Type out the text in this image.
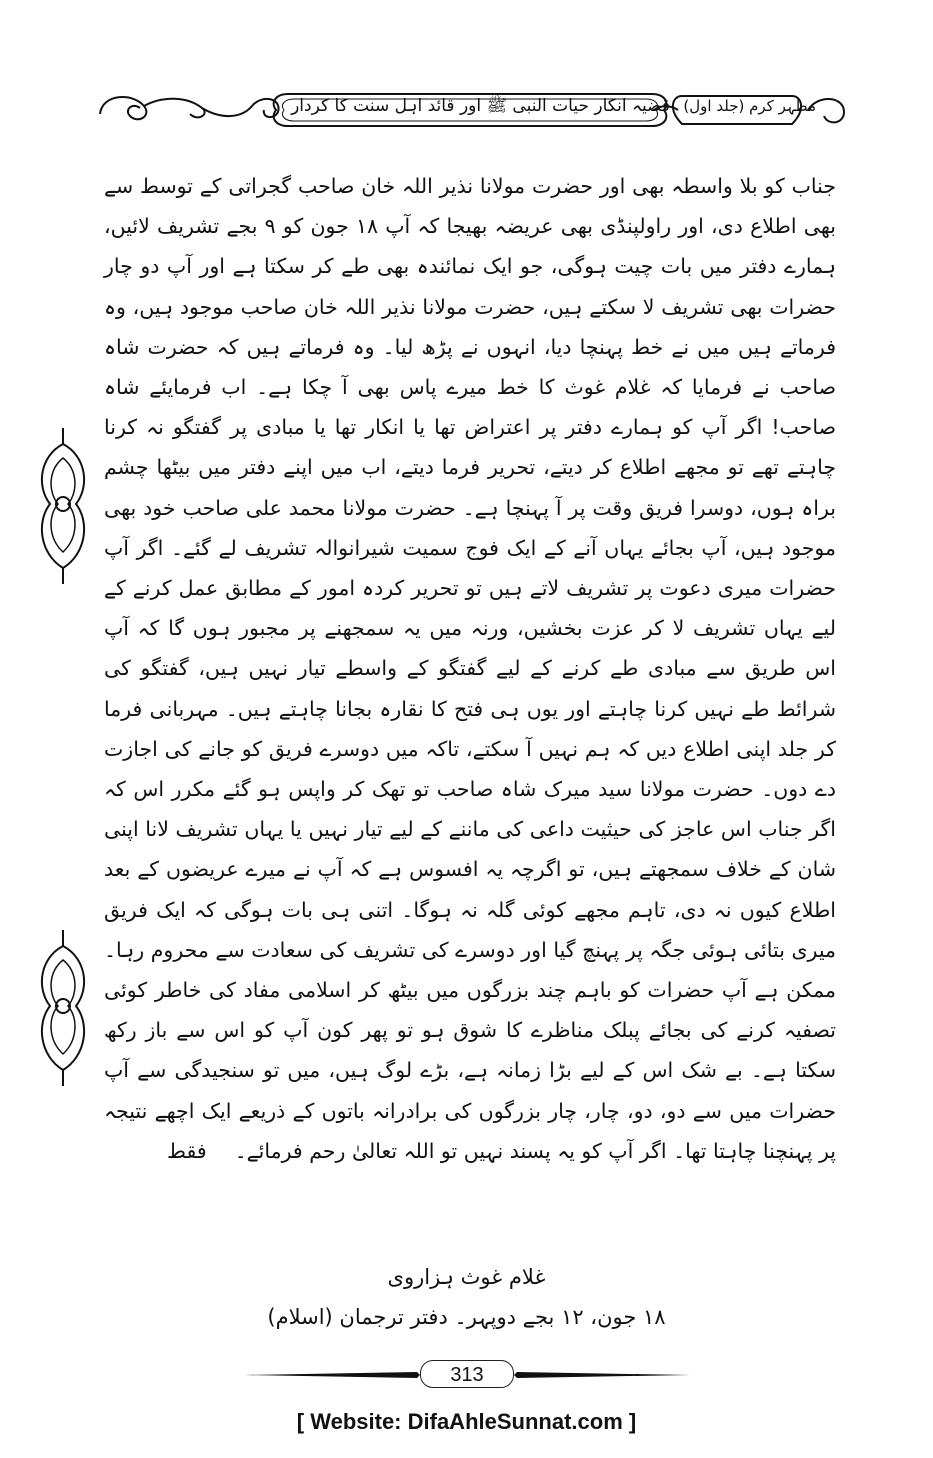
قضیہ انکار حیات النبی ﷺ اور قائد اہل سنت کا کردار	مظہر کرم (جلد اول)

جناب کو بلا واسطہ بھی اور حضرت مولانا نذیر اللہ خان صاحب گجراتی کے توسط سے بھی اطلاع دی، اور راولپنڈی بھی عریضہ بھیجا کہ آپ ۱۸ جون کو ۹ بجے تشریف لائیں، ہمارے دفتر میں بات چیت ہوگی، جو ایک نمائندہ بھی طے کر سکتا ہے اور آپ دو چار حضرات بھی تشریف لا سکتے ہیں، حضرت مولانا نذیر اللہ خان صاحب موجود ہیں، وہ فرماتے ہیں میں نے خط پہنچا دیا، انہوں نے پڑھ لیا۔ وہ فرماتے ہیں کہ حضرت شاہ صاحب نے فرمایا کہ غلام غوث کا خط میرے پاس بھی آ چکا ہے۔ اب فرمایئے شاہ صاحب! اگر آپ کو ہمارے دفتر پر اعتراض تھا یا انکار تھا یا مبادی پر گفتگو نہ کرنا چاہتے تھے تو مجھے اطلاع کر دیتے، تحریر فرما دیتے، اب میں اپنے دفتر میں بیٹھا چشم براہ ہوں، دوسرا فریق وقت پر آ پہنچا ہے۔ حضرت مولانا محمد علی صاحب خود بھی موجود ہیں، آپ بجائے یہاں آنے کے ایک فوج سمیت شیرانوالہ تشریف لے گئے۔ اگر آپ حضرات میری دعوت پر تشریف لاتے ہیں تو تحریر کردہ امور کے مطابق عمل کرنے کے لیے یہاں تشریف لا کر عزت بخشیں، ورنہ میں یہ سمجھنے پر مجبور ہوں گا کہ آپ اس طریق سے مبادی طے کرنے کے لیے گفتگو کے واسطے تیار نہیں ہیں، گفتگو کی شرائط طے نہیں کرنا چاہتے اور یوں ہی فتح کا نقارہ بجانا چاہتے ہیں۔ مہربانی فرما کر جلد اپنی اطلاع دیں کہ ہم نہیں آ سکتے، تاکہ میں دوسرے فریق کو جانے کی اجازت دے دوں۔ حضرت مولانا سید میرک شاہ صاحب تو تھک کر واپس ہو گئے مکرر اس کہ اگر جناب اس عاجز کی حیثیت داعی کی ماننے کے لیے تیار نہیں یا یہاں تشریف لانا اپنی شان کے خلاف سمجھتے ہیں، تو اگرچہ یہ افسوس ہے کہ آپ نے میرے عریضوں کے بعد اطلاع کیوں نہ دی، تاہم مجھے کوئی گلہ نہ ہوگا۔ اتنی ہی بات ہوگی کہ ایک فریق میری بتائی ہوئی جگہ پر پہنچ گیا اور دوسرے کی تشریف کی سعادت سے محروم رہا۔ ممکن ہے آپ حضرات کو باہم چند بزرگوں میں بیٹھ کر اسلامی مفاد کی خاطر کوئی تصفیہ کرنے کی بجائے پبلک مناظرے کا شوق ہو تو پھر کون آپ کو اس سے باز رکھ سکتا ہے۔ بے شک اس کے لیے بڑا زمانہ ہے، بڑے لوگ ہیں، میں تو سنجیدگی سے آپ حضرات میں سے دو، دو، چار، چار بزرگوں کی برادرانہ باتوں کے ذریعے ایک اچھے نتیجہ پر پہنچنا چاہتا تھا۔ اگر آپ کو یہ پسند نہیں تو اللہ تعالیٰ رحم فرمائے۔فقط

غلام غوث ہزاروی
۱۸ جون، ۱۲ بجے دوپہر۔ دفتر ترجمان (اسلام)
313
[ Website: DifaAhleSunnat.com ]
